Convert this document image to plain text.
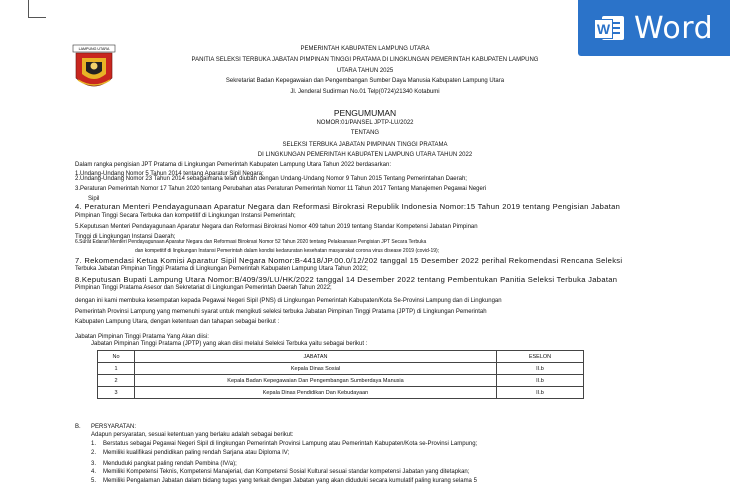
W Word
LAMPUNG UTARA	PEMERINTAH KABUPATEN LAMPUNG UTARA
PANITIA SELEKSI TERBUKA JABATAN PIMPINAN TINGGI PRATAMA DI LINGKUNGAN PEMERINTAH KABUPATEN LAMPUNG
UTARA TAHUN 2025
Sekretariat Badan Kepegawaian dan Pengembangan Sumber Daya Manusia Kabupaten Lampung Utara
Jl. Jenderal Sudirman No.01 Telp(0724)21340 Kotabumi
PENGUMUMAN
NOMOR:01/PANSEL JPTP-LU/2022
TENTANG
SELEKSI TERBUKA JABATAN PIMPINAN TINGGI PRATAMA
DI LINGKUNGAN PEMERINTAH KABUPATEN LAMPUNG UTARA TAHUN 2022
Dalam rangka pengisian JPT Pratama di Lingkungan Pemerintah Kabupaten Lampung Utara Tahun 2022 berdasarkan:
1.Undang-Undang Nomor 5 Tahun 2014 tentang Aparatur Sipil Negara;
2.Undang-Undang Nomor 23 Tahun 2014 sebagaimana telah diubah dengan Undang-Undang Nomor 9 Tahun 2015 Tentang Pemerintahan Daerah;
3.Peraturan Pemerintah Nomor 17 Tahun 2020 tentang Perubahan atas Peraturan Pemerintah Nomor 11 Tahun 2017 Tentang Manajemen Pegawai Negeri
Sipil
4. Peraturan Menteri Pendayagunaan Aparatur Negara dan Reformasi Birokrasi Republik Indonesia Nomor:15 Tahun 2019 tentang Pengisian Jabatan
Pimpinan Tinggi Secara Terbuka dan kompetitif di Lingkungan Instansi Pemerintah;
5.Keputusan Menteri Pendayagunaan Aparatur Negara dan Reformasi Birokrasi Nomor 409 tahun 2019 tentang Standar Kompetensi Jabatan Pimpinan
Tinggi di Lingkungan Instansi Daerah;
6.Surat Edaran Menteri Pendayagunaan Aparatur Negara dan Reformasi Birokrasi Nomor 52 Tahun 2020 tentang Pelaksanaan Pengisian JPT Secara Terbuka
dan kompetitif di lingkungan Instansi Pemerintah dalam kondisi kedaruratan kesehatan masyarakat corona virus disease 2019 (covid-19);
7. Rekomendasi Ketua Komisi Aparatur Sipil Negara Nomor:B-4418/JP.00.0/12/202 tanggal 15 Desember 2022 perihal Rekomendasi Rencana Seleksi
Terbuka Jabatan Pimpinan Tinggi Pratama di Lingkungan Pemerintah Kabupaten Lampung Utara Tahun 2022;
8.Keputusan Bupati Lampung Utara Nomor:B/409/39/LU/HK/2022 tanggal 14 Desember 2022 tentang Pembentukan Panitia Seleksi Terbuka Jabatan
Pimpinan Tinggi Pratama Asesor dan Sekretariat di Lingkungan Pemerintah Daerah Tahun 2022;
dengan ini kami membuka kesempatan kepada Pegawai Negeri Sipil (PNS) di Lingkungan Pemerintah Kabupaten/Kota Se-Provinsi Lampung dan di Lingkungan
Pemerintah Provinsi Lampung yang memenuhi syarat untuk mengikuti seleksi terbuka Jabatan Pimpinan Tinggi Pratama (JPTP) di Lingkungan Pemerintah
Kabupaten Lampung Utara, dengan ketentuan dan tahapan sebagai berikut :
Jabatan Pimpinan Tinggi Pratama Yang Akan diisi:
Jabatan Pimpinan Tinggi Pratama (JPTP) yang akan diisi melalui Seleksi Terbuka yaitu sebagai berikut :
No	JABATAN	ESELON
1	Kepala Dinas Sosial	II.b
2	Kepala Badan Kepegawaian Dan Pengembangan Sumberdaya Manusia	II.b
3	Kepala Dinas Pendidikan Dan Kebudayaan	II.b
B. PERSYARATAN:
Adapun persyaratan, sesuai ketentuan yang berlaku adalah sebagai berikut:
1. Berstatus sebagai Pegawai Negeri Sipil di lingkungan Pemerintah Provinsi Lampung atau Pemerintah Kabupaten/Kota se-Provinsi Lampung;
2. Memiliki kualifikasi pendidikan paling rendah Sarjana atau Diploma IV;
3. Menduduki pangkat paling rendah Pembina (IV/a);
4. Memiliki Kompetensi Teknis, Kompetensi Manajerial, dan Kompetensi Sosial Kultural sesuai standar kompetensi Jabatan yang ditetapkan;
5. Memiliki Pengalaman Jabatan dalam bidang tugas yang terkait dengan Jabatan yang akan diduduki secara kumulatif paling kurang selama 5
